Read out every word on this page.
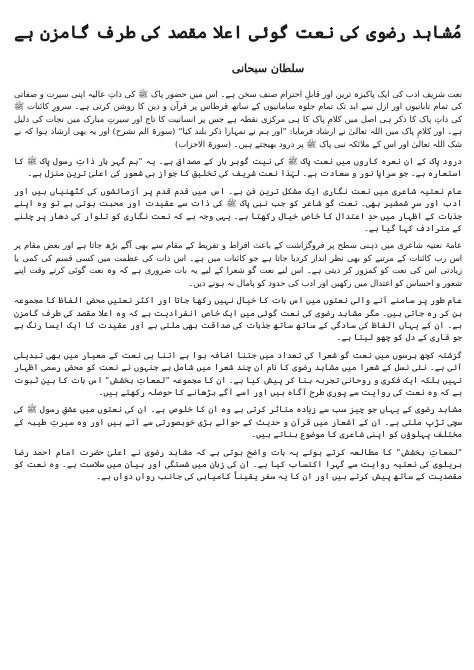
مُشاہد رضوی کی نعت گوئی اعلا مقصد کی طرف گامزن ہے
سلطان سبحانی

نعت شریف ادب کی ایک پاکیزہ ترین اور قابلِ احترام صنف سخن ہے۔ اس میں حضور پاک ﷺ کی ذاتِ عالیہ اپنی سیرت و صفاتی کی تمام تابانیوں اور ازل سے ابد تک تمام جلوہ سامانیوں کے ساتھ قرطاس پر قرآن و دین کا روشن کرتی ہے۔ سرورِ کائنات ﷺ کی ذاتِ پاک کا ذکر ہی اصل میں کلامِ پاک کا ہی مرکزی نقطہ ہے جس پر انسانیت کا تاج اور سیرتِ مبارک میں نجات کی دلیل ہے۔ اور کلامِ پاک میں اللہ تعالیٰ نے ارشاد فرمایا: ”اور ہم نے تمہارا ذکر بلند کیا“ (سورۃ الم نشرح) اور یہ بھی ارشاد ہوا کہ بے شک اللہ تعالیٰ اور اس کے ملائکہ نبی پاک ﷺ پر درود بھیجتے ہیں۔ (سورۃ الاحزاب)

درود پاک کے ان نعرہ کاروں میں نعت پاک ﷺ کی نیت گوہر بار کے مصداق ہے۔ یہ ”ہم گہر بار ذاتِ رسول پاک ﷺ کا استعارہ ہے۔ جو سراپا نور و سعادت ہے۔ لہٰذا نعت شریف کی تخلیق کا جواز ہی شعور کی اعلیٰ ترین منزل ہے۔

عام نعتیہ شاعری میں نعت نگاری ایک مشکل ترین فن ہے۔ اس میں قدم قدم پر آزمائشوں کی کٹھنیاں ہیں اور ادب اور سرِ شمشیر بھی۔ نعت گو شاعر کو جب نبی پاک ﷺ کی ذات سے عقیدت اور محبت ہوتی ہے تو وہ اپنے جذبات کے اظہار میں حدِ اعتدال کا خاص خیال رکھتا ہے۔ یہی وجہ ہے کہ نعت نگاری کو تلوار کی دھار پر چلنے کے مترادف کہا گیا ہے۔

عامۃ نعتیہ شاعری میں ذہنی سطح پر فروگزاشت کے باعث افراط و تفریط کے مقام سے بھی آگے بڑھ جاتا ہے اور بعض مقام پر اس رب کائنات کے مرتبے کو بھی نظر انداز کردیا جاتا ہے جو کائنات میں ہے۔ اس ذات کی عظمت میں کسی قسم کی کمی یا زیادتی اس کی نعت کو کمزور کر دیتی ہے۔ اس لیے نعت گو شعرا کے لیے یہ بات ضروری ہے کہ وہ نعت گوئی کرتے وقت اپنے شعور و احساس کو اعتدال میں رکھیں اور ادب کی حدود کو پامال نہ ہونے دیں۔

عام طور پر سامنے آنے والی نعتوں میں اس بات کا خیال نہیں رکھا جاتا اور اکثر نعتیں محض الفاظ کا مجموعہ بن کر رہ جاتی ہیں۔ مگر مشاہد رضوی کی نعت گوئی میں ایک خاص انفرادیت ہے کہ وہ اعلا مقصد کی طرف گامزن ہے۔ ان کے یہاں الفاظ کی سادگی کے ساتھ ساتھ جذبات کی صداقت بھی ملتی ہے اور عقیدت کا ایک ایسا رنگ ہے جو قاری کے دل کو چھو لیتا ہے۔

گزشتہ کچھ برسوں میں نعت گو شعرا کی تعداد میں جتنا اضافہ ہوا ہے اتنا ہی نعت کے معیار میں بھی تبدیلی آئی ہے۔ نئی نسل کے شعرا میں مشاہد رضوی کا نام ان چند شعرا میں شامل ہے جنہوں نے نعت کو محض رسمی اظہار نہیں بلکہ ایک فکری و روحانی تجربہ بنا کر پیش کیا ہے۔ ان کا مجموعہ ”لمعاتِ بخشش“ اس بات کا بین ثبوت ہے کہ وہ نعت کی روایت سے پوری طرح آگاہ ہیں اور اسے آگے بڑھانے کا حوصلہ رکھتے ہیں۔

مشاہد رضوی کے یہاں جو چیز سب سے زیادہ متاثر کرتی ہے وہ ان کا خلوص ہے۔ ان کی نعتوں میں عشقِ رسول ﷺ کی سچی تڑپ ملتی ہے۔ ان کے اشعار میں قرآن و حدیث کے حوالے بڑی خوبصورتی سے آتے ہیں اور وہ سیرتِ طیبہ کے مختلف پہلوؤں کو اپنی شاعری کا موضوع بناتے ہیں۔

”لمعاتِ بخشش“ کا مطالعہ کرتے ہوئے یہ بات واضح ہوتی ہے کہ مشاہد رضوی نے اعلیٰ حضرت امام احمد رضا بریلوی کی نعتیہ روایت سے گہرا اکتساب کیا ہے۔ ان کی زبان میں شستگی اور بیان میں سلاست ہے۔ وہ نعت کو مقصدیت کے ساتھ پیش کرتے ہیں اور ان کا یہ سفر یقیناً کامیابی کی جانب رواں دواں ہے۔
